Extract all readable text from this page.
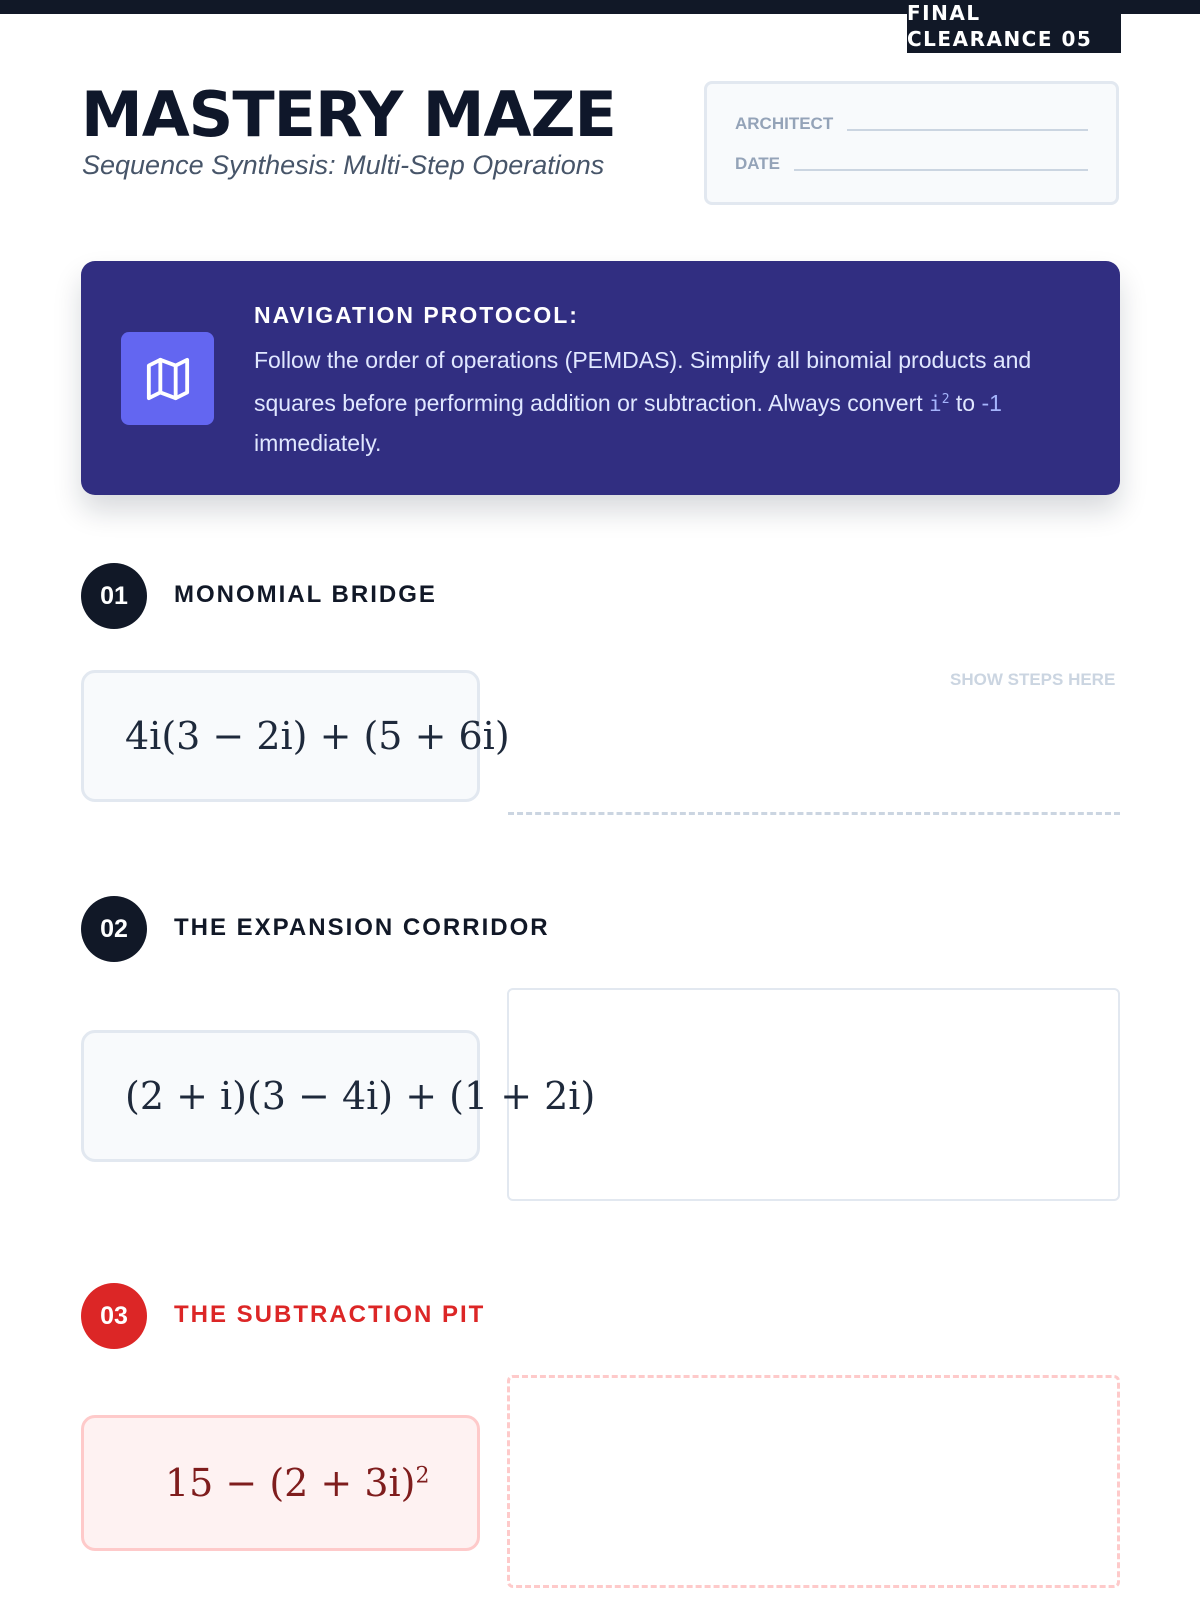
FINAL
CLEARANCE 05
MASTERY MAZE
Sequence Synthesis: Multi-Step Operations
ARCHITECT
DATE
NAVIGATION PROTOCOL:
Follow the order of operations (PEMDAS). Simplify all binomial products and squares before performing addition or subtraction. Always convert $i^2$ to -1 immediately.
01	MONOMIAL BRIDGE
4i(3 − 2i) + (5 + 6i)
SHOW STEPS HERE
02	THE EXPANSION CORRIDOR
(2 + i)(3 − 4i) + (1 + 2i)
03	THE SUBTRACTION PIT
$15 - (2 + 3i)^2$
